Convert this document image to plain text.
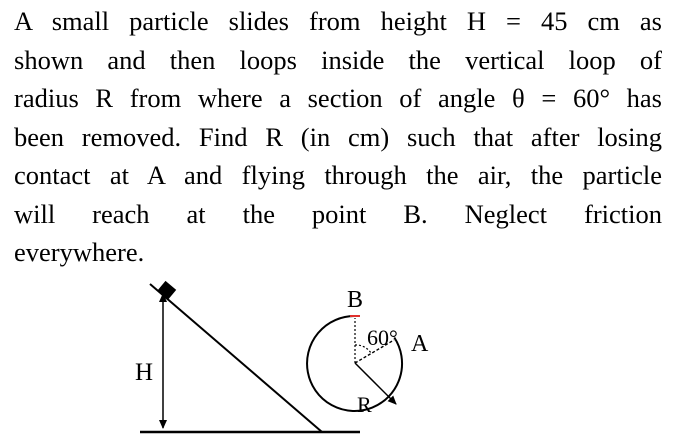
A small particle slides from height H = 45 cm as
shown and then loops inside the vertical loop of
radius R from where a section of angle θ = 60° has
been removed. Find R (in cm) such that after losing
contact at A and flying through the air, the particle
will reach at the point B. Neglect friction
everywhere.
H
B
60° A
R
